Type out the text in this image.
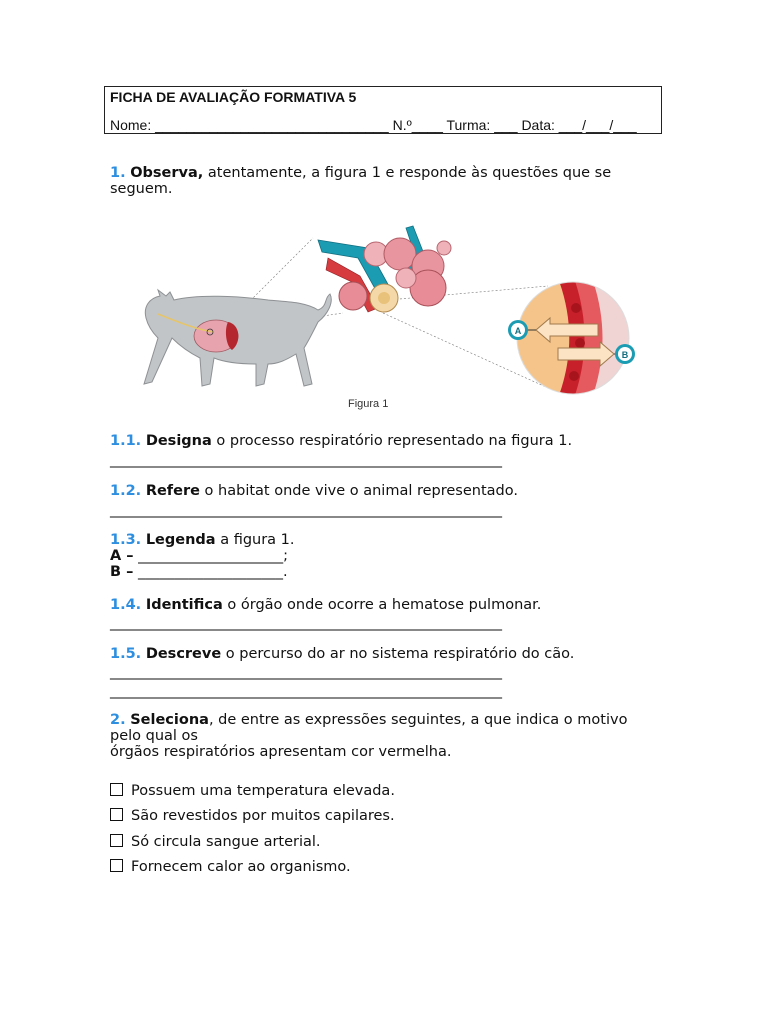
FICHA DE AVALIAÇÃO FORMATIVA 5
Nome: ______________________________ N.º____ Turma: ___ Data: ___/___/___
1. Observa, atentamente, a figura 1 e responde às questões que se
seguem.
A
B
Figura 1
1.1. Designa o processo respiratório representado na figura 1.
__________________________________________________________
1.2. Refere o habitat onde vive o animal representado.
__________________________________________________________
1.3. Legenda a figura 1.
A – ____________________;
B – ____________________.
1.4. Identifica o órgão onde ocorre a hematose pulmonar.
__________________________________________________________
1.5. Descreve o percurso do ar no sistema respiratório do cão.
__________________________________________________________
__________________________________________________________
2. Seleciona, de entre as expressões seguintes, a que indica o motivo
pelo qual os
órgãos respiratórios apresentam cor vermelha.
Possuem uma temperatura elevada.
São revestidos por muitos capilares.
Só circula sangue arterial.
Fornecem calor ao organismo.
